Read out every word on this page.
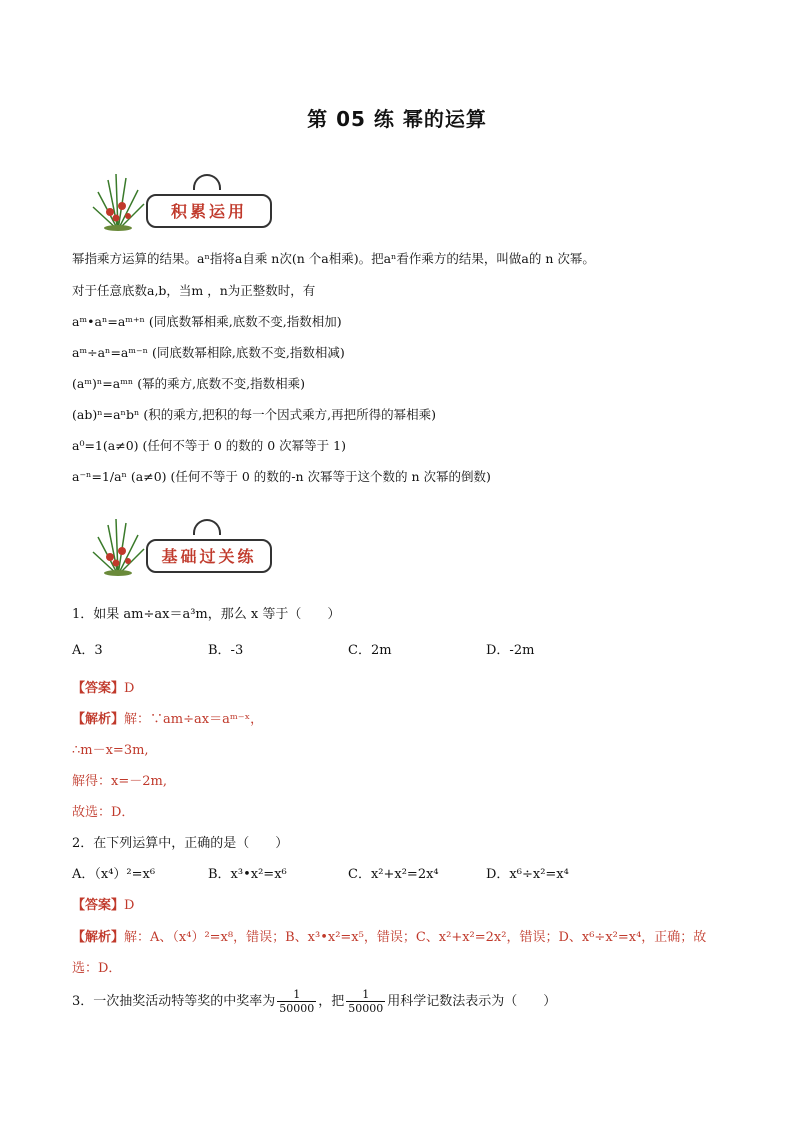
第 05 练 幂的运算
积累运用
幂指乘方运算的结果。aⁿ指将a自乘 n次(n 个a相乘)。把aⁿ看作乘方的结果，叫做a的 n 次幂。
对于任意底数a,b，当m ，n为正整数时，有
aᵐ•aⁿ=aᵐ⁺ⁿ (同底数幂相乘,底数不变,指数相加)
aᵐ÷aⁿ=aᵐ⁻ⁿ (同底数幂相除,底数不变,指数相减)
(aᵐ)ⁿ=aᵐⁿ (幂的乘方,底数不变,指数相乘)
(ab)ⁿ=aⁿbⁿ (积的乘方,把积的每一个因式乘方,再把所得的幂相乘)
a⁰=1(a≠0) (任何不等于 0 的数的 0 次幂等于 1)
a⁻ⁿ=1/aⁿ (a≠0) (任何不等于 0 的数的-n 次幂等于这个数的 n 次幂的倒数)
基础过关练
1．如果 am÷ax＝a³m，那么 x 等于（　　）
A．3	B．-3	C．2m	D．-2m
【答案】D
【解析】解：∵am÷ax＝aᵐ⁻ˣ，
∴m－x=3m,
解得：x=－2m,
故选：D．
2．在下列运算中，正确的是（　　）
A．（x⁴）²=x⁶	B．x³•x²=x⁶	C．x²+x²=2x⁴	D．x⁶÷x²=x⁴
【答案】D
【解析】解：A、（x⁴）²=x⁸，错误；B、x³•x²=x⁵，错误；C、x²+x²=2x²，错误；D、x⁶÷x²=x⁴，正确；故
选：D．
3．一次抽奖活动特等奖的中奖率为 $\frac{1}{50000}$ ，把 $\frac{1}{50000}$ 用科学记数法表示为（　　）
